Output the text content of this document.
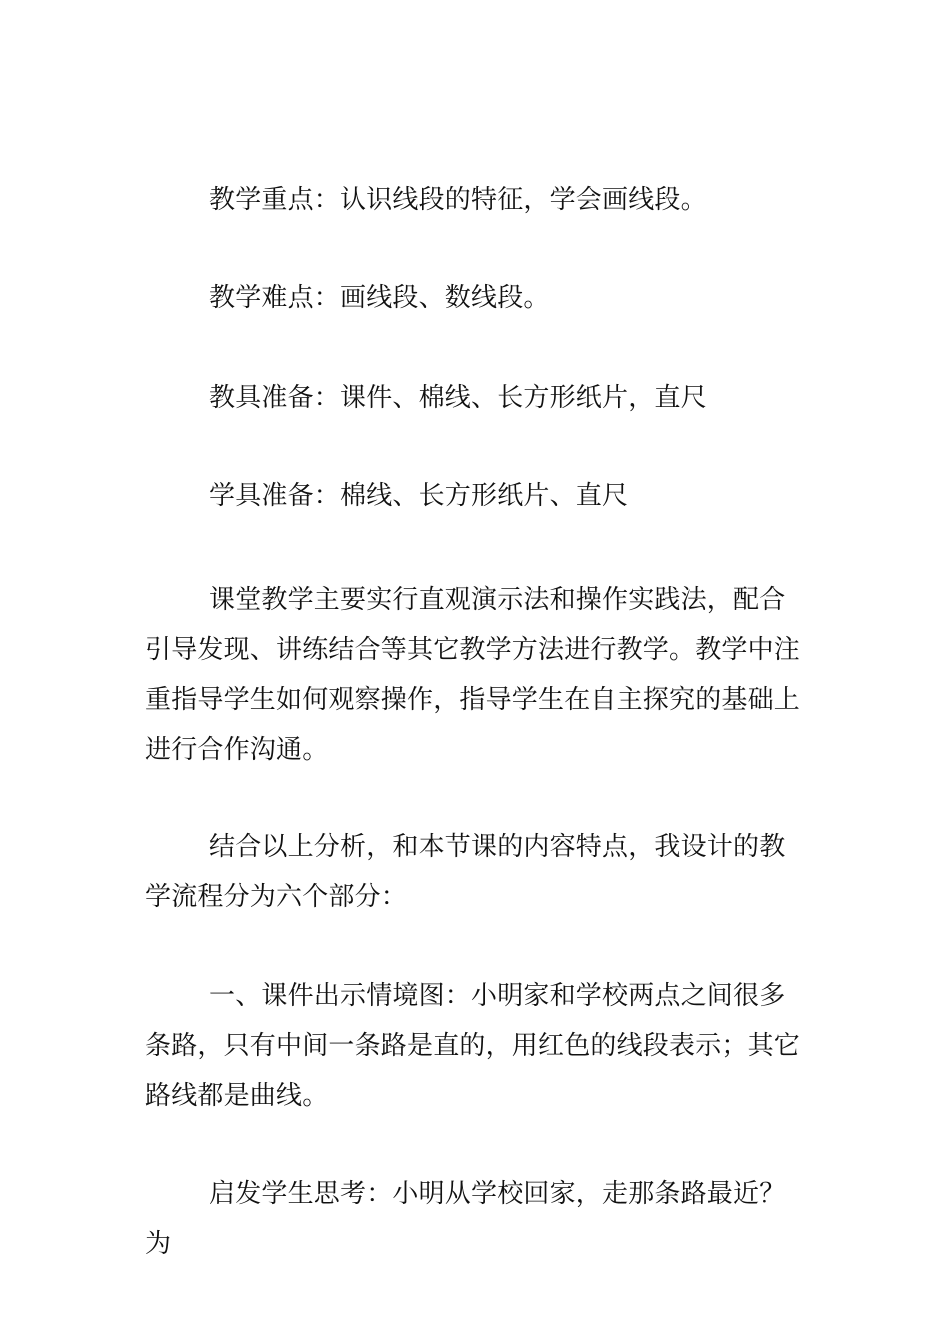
教学重点：认识线段的特征，学会画线段。

教学难点：画线段、数线段。

教具准备：课件、棉线、长方形纸片，直尺

学具准备：棉线、长方形纸片、直尺

课堂教学主要实行直观演示法和操作实践法，配合引导发现、讲练结合等其它教学方法进行教学。教学中注重指导学生如何观察操作，指导学生在自主探究的基础上进行合作沟通。

结合以上分析，和本节课的内容特点，我设计的教学流程分为六个部分：

一、课件出示情境图：小明家和学校两点之间很多条路，只有中间一条路是直的，用红色的线段表示；其它路线都是曲线。

启发学生思考：小明从学校回家，走那条路最近？为
